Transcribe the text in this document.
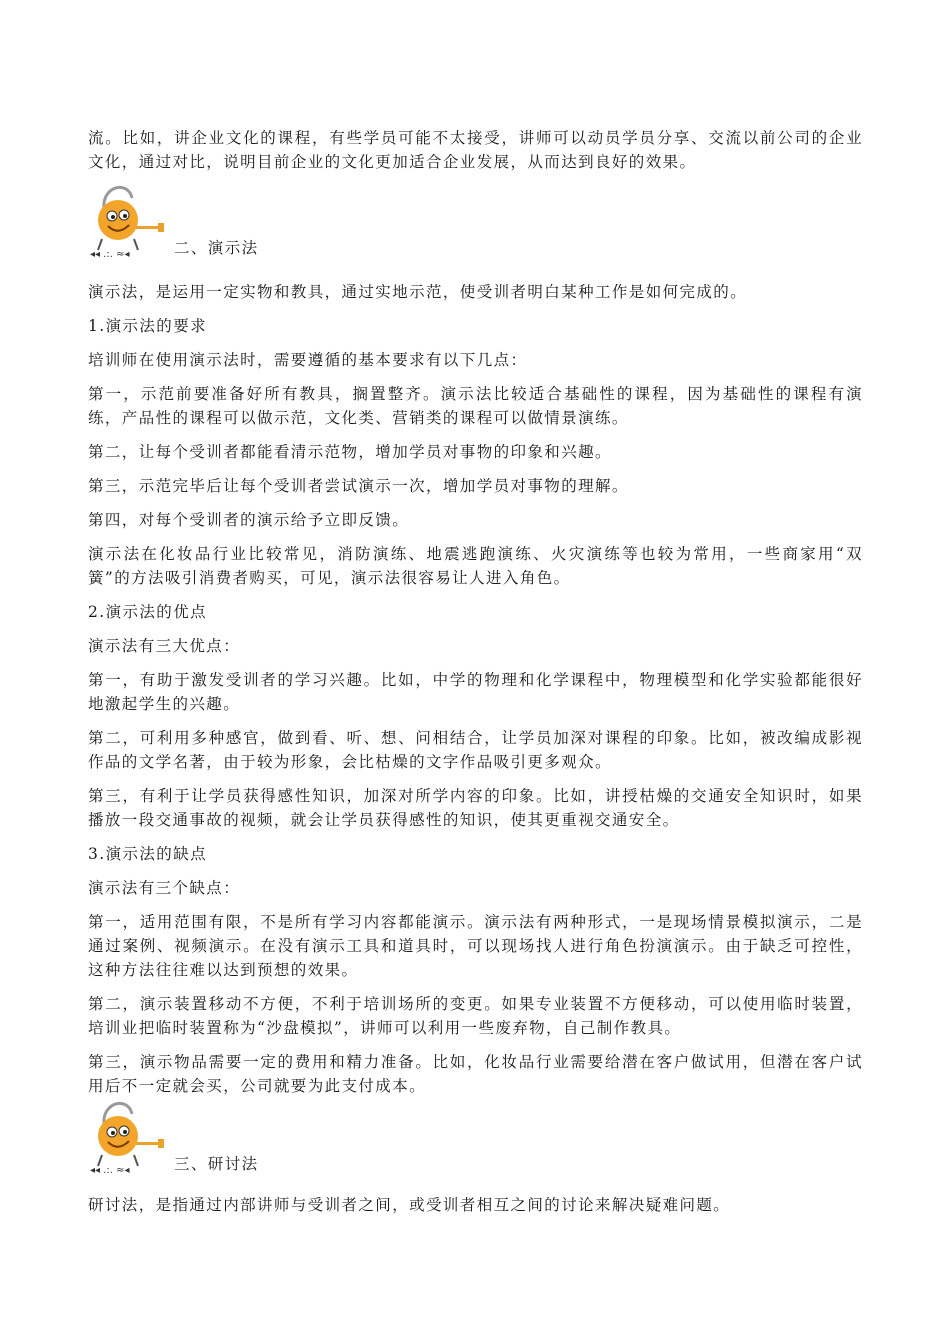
流。比如，讲企业文化的课程，有些学员可能不太接受，讲师可以动员学员分享、交流以前公司的企业文化，通过对比，说明目前企业的文化更加适合企业发展，从而达到良好的效果。

◂◂ .:. ≈◂	二、演示法

演示法，是运用一定实物和教具，通过实地示范，使受训者明白某种工作是如何完成的。

1.演示法的要求

培训师在使用演示法时，需要遵循的基本要求有以下几点：

第一，示范前要准备好所有教具，搁置整齐。演示法比较适合基础性的课程，因为基础性的课程有演练，产品性的课程可以做示范，文化类、营销类的课程可以做情景演练。

第二，让每个受训者都能看清示范物，增加学员对事物的印象和兴趣。

第三，示范完毕后让每个受训者尝试演示一次，增加学员对事物的理解。

第四，对每个受训者的演示给予立即反馈。

演示法在化妆品行业比较常见，消防演练、地震逃跑演练、火灾演练等也较为常用，一些商家用“双簧”的方法吸引消费者购买，可见，演示法很容易让人进入角色。

2.演示法的优点

演示法有三大优点：

第一，有助于激发受训者的学习兴趣。比如，中学的物理和化学课程中，物理模型和化学实验都能很好地激起学生的兴趣。

第二，可利用多种感官，做到看、听、想、问相结合，让学员加深对课程的印象。比如，被改编成影视作品的文学名著，由于较为形象，会比枯燥的文字作品吸引更多观众。

第三，有利于让学员获得感性知识，加深对所学内容的印象。比如，讲授枯燥的交通安全知识时，如果播放一段交通事故的视频，就会让学员获得感性的知识，使其更重视交通安全。

3.演示法的缺点

演示法有三个缺点：

第一，适用范围有限，不是所有学习内容都能演示。演示法有两种形式，一是现场情景模拟演示，二是通过案例、视频演示。在没有演示工具和道具时，可以现场找人进行角色扮演演示。由于缺乏可控性，这种方法往往难以达到预想的效果。

第二，演示装置移动不方便，不利于培训场所的变更。如果专业装置不方便移动，可以使用临时装置，培训业把临时装置称为“沙盘模拟”，讲师可以利用一些废弃物，自己制作教具。

第三，演示物品需要一定的费用和精力准备。比如，化妆品行业需要给潜在客户做试用，但潜在客户试用后不一定就会买，公司就要为此支付成本。

◂◂ .:. ≈◂	三、研讨法

研讨法，是指通过内部讲师与受训者之间，或受训者相互之间的讨论来解决疑难问题。
